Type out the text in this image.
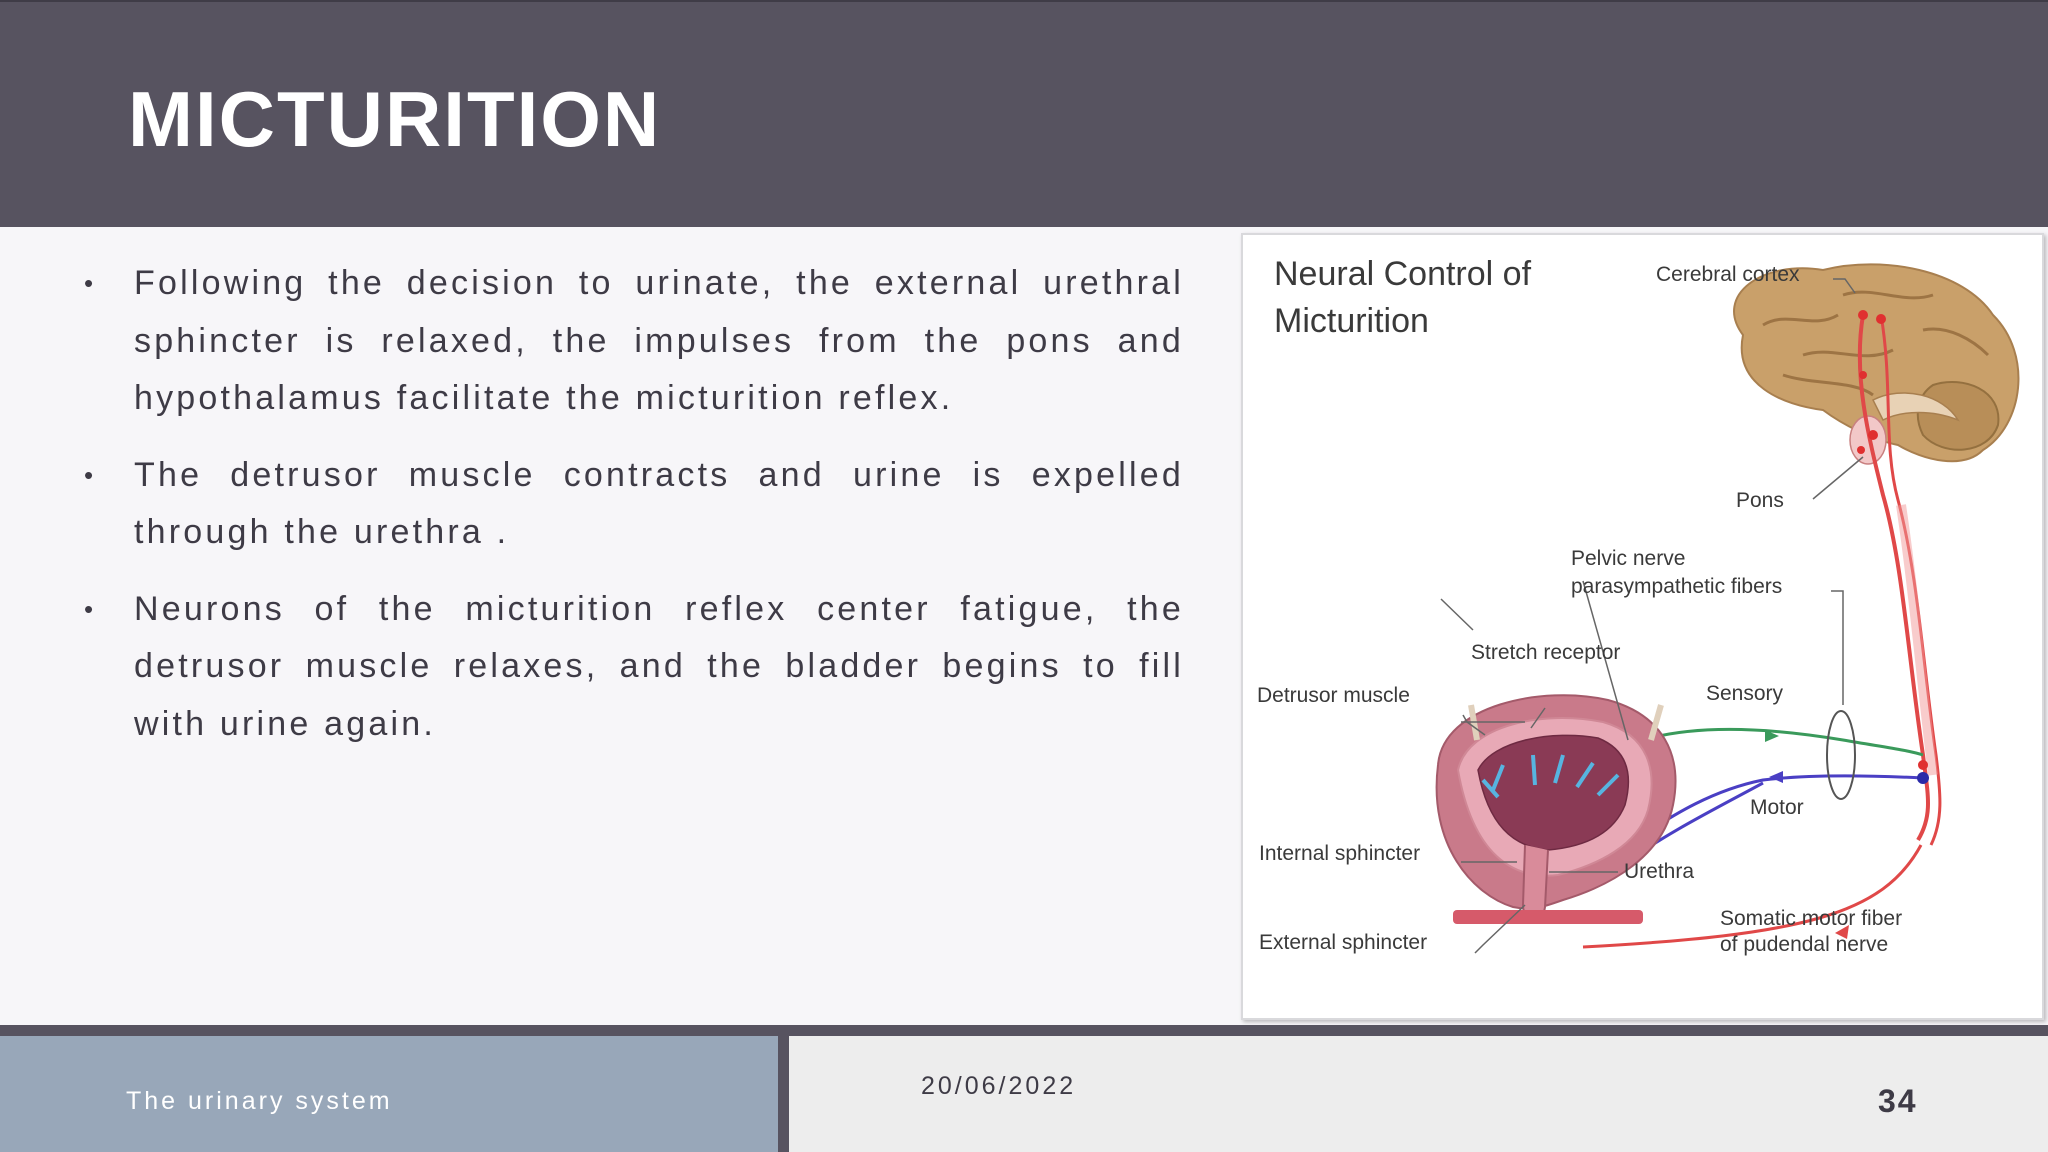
MICTURITION
• Following the decision to urinate, the external urethral sphincter is relaxed, the impulses from the pons and hypothalamus facilitate the micturition reflex.
• The detrusor muscle contracts and urine is expelled through the urethra .
• Neurons of the micturition reflex center fatigue, the detrusor muscle relaxes, and the bladder begins to fill with urine again.
Neural Control of
Micturition
Cerebral cortex
Pons
Pelvic nerve
parasympathetic fibers
Stretch receptor
Detrusor muscle	Sensory
Motor
Internal sphincter
Urethra
External sphincter
Somatic motor fiber
of pudendal nerve
The urinary system
20/06/2022	34
